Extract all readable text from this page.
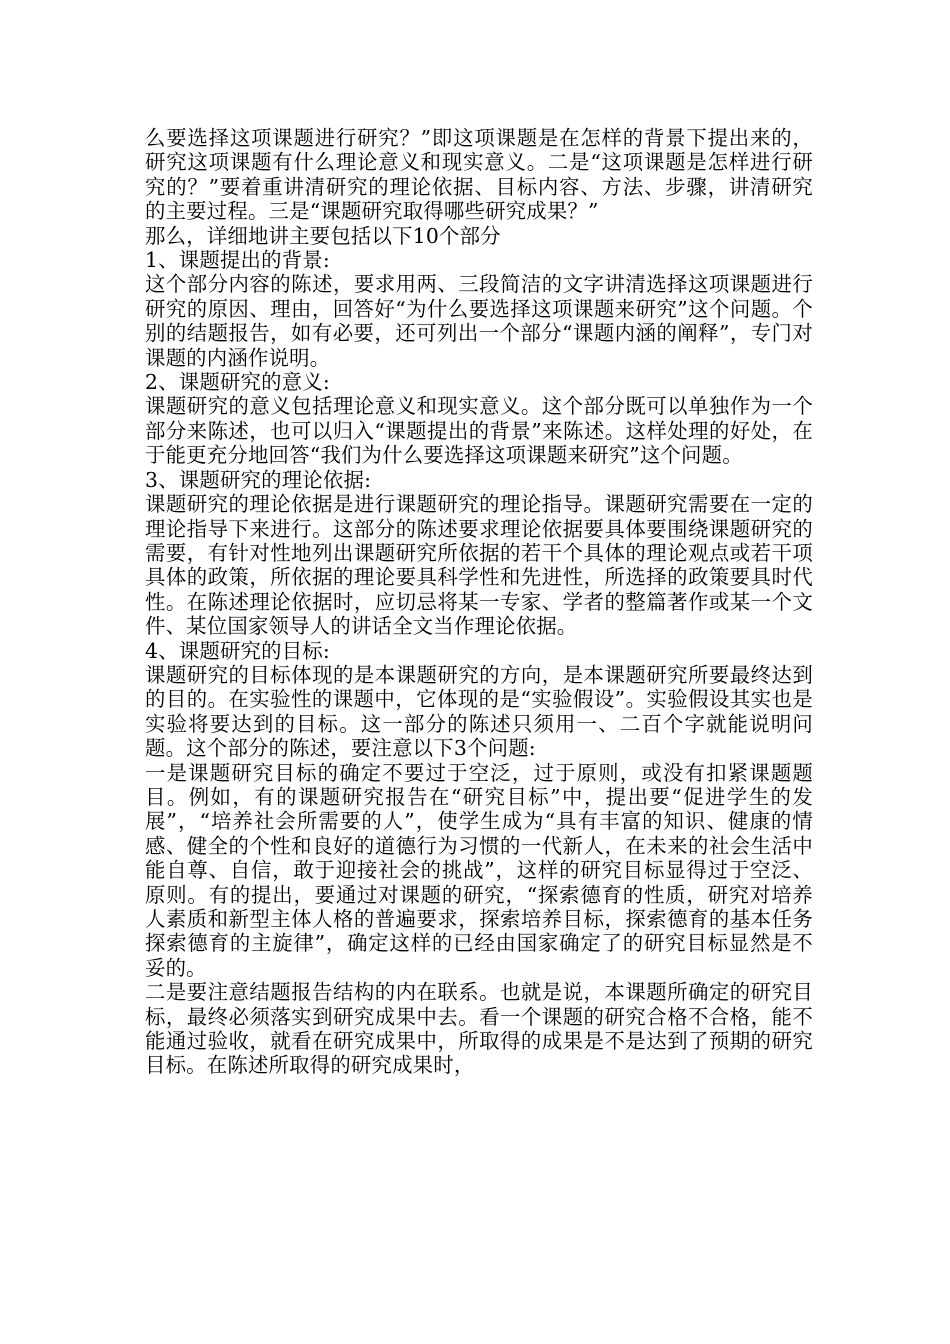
么要选择这项课题进行研究？”即这项课题是在怎样的背景下提出来的，研究这项课题有什么理论意义和现实意义。二是“这项课题是怎样进行研究的？”要着重讲清研究的理论依据、目标内容、方法、步骤，讲清研究的主要过程。三是“课题研究取得哪些研究成果？”

那么，详细地讲主要包括以下10个部分

1、课题提出的背景:

这个部分内容的陈述，要求用两、三段简洁的文字讲清选择这项课题进行研究的原因、理由，回答好“为什么要选择这项课题来研究”这个问题。个别的结题报告，如有必要，还可列出一个部分“课题内涵的阐释”，专门对课题的内涵作说明。

2、课题研究的意义:

课题研究的意义包括理论意义和现实意义。这个部分既可以单独作为一个部分来陈述，也可以归入“课题提出的背景”来陈述。这样处理的好处，在于能更充分地回答“我们为什么要选择这项课题来研究”这个问题。

3、课题研究的理论依据:

课题研究的理论依据是进行课题研究的理论指导。课题研究需要在一定的理论指导下来进行。这部分的陈述要求理论依据要具体要围绕课题研究的需要，有针对性地列出课题研究所依据的若干个具体的理论观点或若干项具体的政策，所依据的理论要具科学性和先进性，所选择的政策要具时代性。在陈述理论依据时，应切忌将某一专家、学者的整篇著作或某一个文件、某位国家领导人的讲话全文当作理论依据。

4、课题研究的目标:

课题研究的目标体现的是本课题研究的方向，是本课题研究所要最终达到的目的。在实验性的课题中，它体现的是“实验假设”。实验假设其实也是实验将要达到的目标。这一部分的陈述只须用一、二百个字就能说明问题。这个部分的陈述，要注意以下3个问题:

一是课题研究目标的确定不要过于空泛，过于原则，或没有扣紧课题题目。例如，有的课题研究报告在“研究目标”中，提出要“促进学生的发展”，“培养社会所需要的人”，使学生成为“具有丰富的知识、健康的情感、健全的个性和良好的道德行为习惯的一代新人，在未来的社会生活中能自尊、自信，敢于迎接社会的挑战”，这样的研究目标显得过于空泛、原则。有的提出，要通过对课题的研究，“探索德育的性质，研究对培养人素质和新型主体人格的普遍要求，探索培养目标，探索德育的基本任务探索德育的主旋律”，确定这样的已经由国家确定了的研究目标显然是不妥的。

二是要注意结题报告结构的内在联系。也就是说，本课题所确定的研究目标，最终必须落实到研究成果中去。看一个课题的研究合格不合格，能不能通过验收，就看在研究成果中，所取得的成果是不是达到了预期的研究目标。在陈述所取得的研究成果时，
